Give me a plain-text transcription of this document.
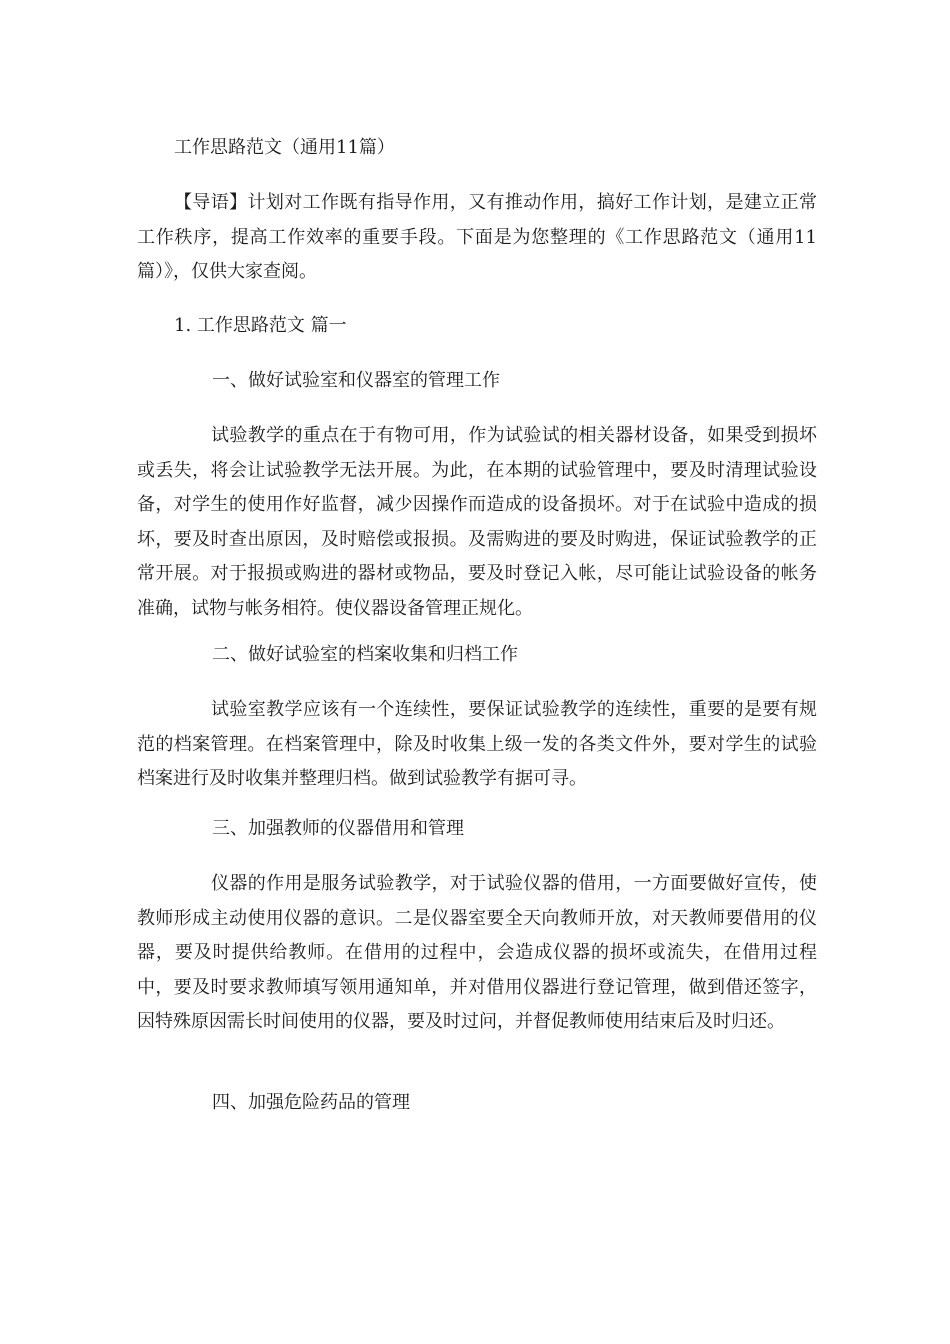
工作思路范文（通用11篇）
【导语】计划对工作既有指导作用，又有推动作用，搞好工作计划，是建立正常工作秩序，提高工作效率的重要手段。下面是为您整理的《工作思路范文（通用11篇）》，仅供大家查阅。
1. 工作思路范文 篇一
一、做好试验室和仪器室的管理工作
试验教学的重点在于有物可用，作为试验试的相关器材设备，如果受到损坏或丢失，将会让试验教学无法开展。为此，在本期的试验管理中，要及时清理试验设备，对学生的使用作好监督，减少因操作而造成的设备损坏。对于在试验中造成的损坏，要及时查出原因，及时赔偿或报损。及需购进的要及时购进，保证试验教学的正常开展。对于报损或购进的器材或物品，要及时登记入帐，尽可能让试验设备的帐务准确，试物与帐务相符。使仪器设备管理正规化。
二、做好试验室的档案收集和归档工作
试验室教学应该有一个连续性，要保证试验教学的连续性，重要的是要有规范的档案管理。在档案管理中，除及时收集上级一发的各类文件外，要对学生的试验档案进行及时收集并整理归档。做到试验教学有据可寻。
三、加强教师的仪器借用和管理
仪器的作用是服务试验教学，对于试验仪器的借用，一方面要做好宣传，使教师形成主动使用仪器的意识。二是仪器室要全天向教师开放，对天教师要借用的仪器，要及时提供给教师。在借用的过程中，会造成仪器的损坏或流失，在借用过程中，要及时要求教师填写领用通知单，并对借用仪器进行登记管理，做到借还签字，因特殊原因需长时间使用的仪器，要及时过问，并督促教师使用结束后及时归还。
四、加强危险药品的管理
